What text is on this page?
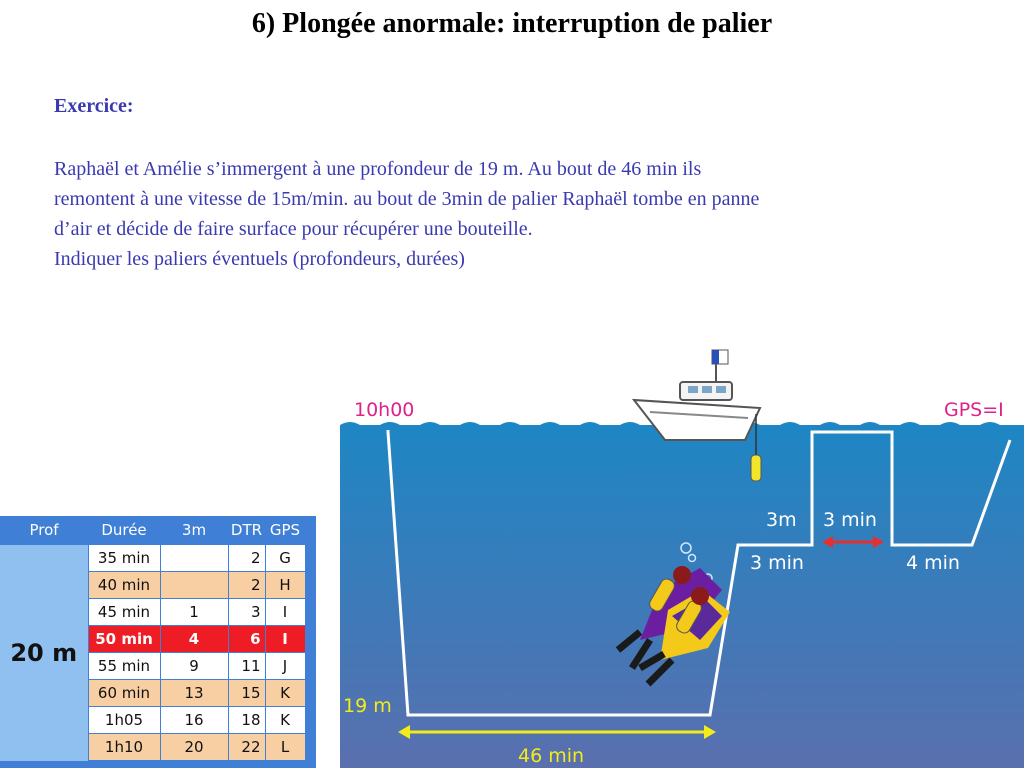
6) Plongée anormale: interruption de palier
Exercice:
Raphaël et Amélie s’immergent à une profondeur de 19 m. Au bout de 46 min ils
remontent à une vitesse de 15m/min. au bout de 3min de palier Raphaël tombe en panne
d’air et décide de faire surface pour récupérer une bouteille.
Indiquer les paliers éventuels (profondeurs, durées)
10h00	GPS=I
3m 3 min
3 min	4 min
19 m
46 min
Prof	Durée	3m	DTR	GPS
20 m	35 min		2	G
	40 min		2	H
	45 min	1	3	I
	50 min	4	6	I
	55 min	9	11	J
	60 min	13	15	K
	1h05	16	18	K
	1h10	20	22	L
